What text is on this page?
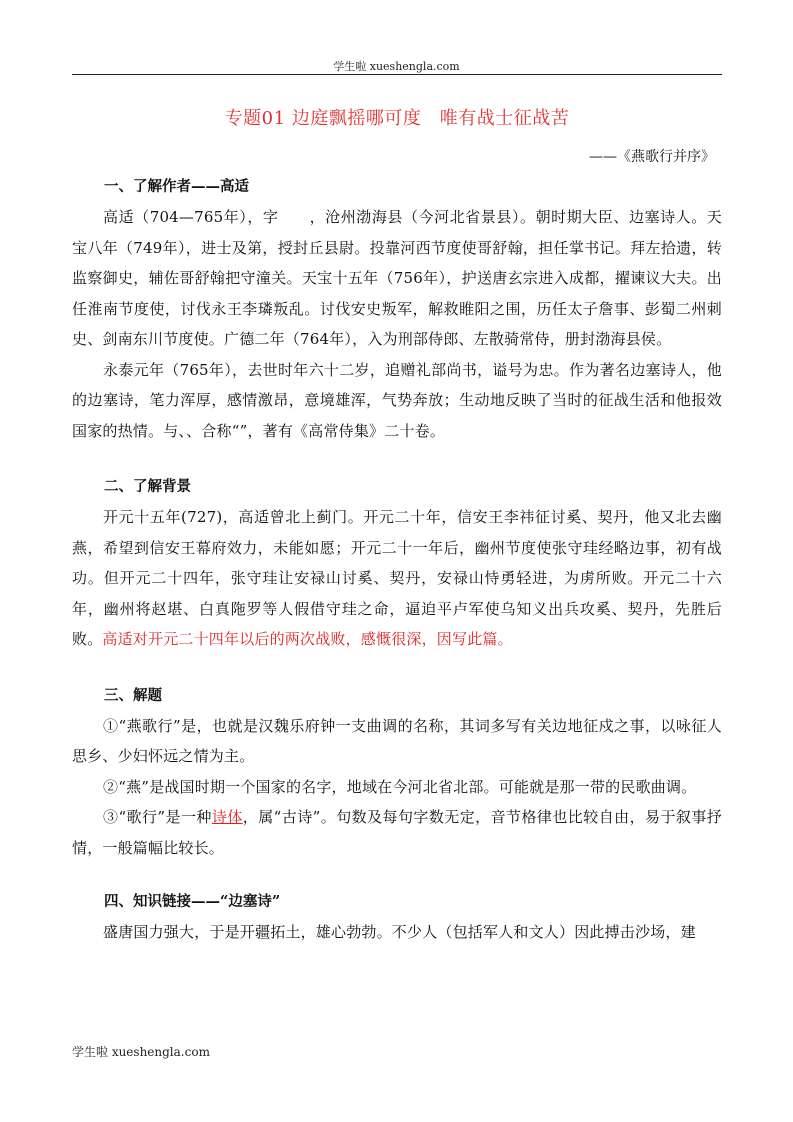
学生啦 xueshengla.com
专题01 边庭飘摇哪可度　唯有战士征战苦
——《燕歌行并序》
一、了解作者——高适

高适（704—765年），字　　，沧州渤海县（今河北省景县）。朝时期大臣、边塞诗人。天宝八年（749年），进士及第，授封丘县尉。投靠河西节度使哥舒翰，担任掌书记。拜左拾遗，转监察御史，辅佐哥舒翰把守潼关。天宝十五年（756年），护送唐玄宗进入成都，擢谏议大夫。出任淮南节度使，讨伐永王李璘叛乱。讨伐安史叛军，解救睢阳之围，历任太子詹事、彭蜀二州刺史、剑南东川节度使。广德二年（764年），入为刑部侍郎、左散骑常侍，册封渤海县侯。

永泰元年（765年），去世时年六十二岁，追赠礼部尚书，谥号为忠。作为著名边塞诗人，他的边塞诗，笔力浑厚，感情激昂，意境雄浑，气势奔放；生动地反映了当时的征战生活和他报效国家的热情。与、、合称“”，著有《高常侍集》二十卷。

二、了解背景

开元十五年(727)，高适曾北上蓟门。开元二十年，信安王李祎征讨奚、契丹，他又北去幽燕，希望到信安王幕府效力，未能如愿；开元二十一年后，幽州节度使张守珪经略边事，初有战功。但开元二十四年，张守珪让安禄山讨奚、契丹，安禄山恃勇轻进，为虏所败。开元二十六年，幽州将赵堪、白真陁罗等人假借守珪之命，逼迫平卢军使乌知义出兵攻奚、契丹，先胜后败。高适对开元二十四年以后的两次战败，感慨很深，因写此篇。

三、解题

①“燕歌行”是，也就是汉魏乐府钟一支曲调的名称，其词多写有关边地征戍之事，以咏征人思乡、少妇怀远之情为主。

②“燕”是战国时期一个国家的名字，地域在今河北省北部。可能就是那一带的民歌曲调。

③“歌行”是一种诗体，属“古诗”。句数及每句字数无定，音节格律也比较自由，易于叙事抒情，一般篇幅比较长。

四、知识链接——“边塞诗”

盛唐国力强大，于是开疆拓土，雄心勃勃。不少人（包括军人和文人）因此搏击沙场，建

学生啦 xueshengla.com
